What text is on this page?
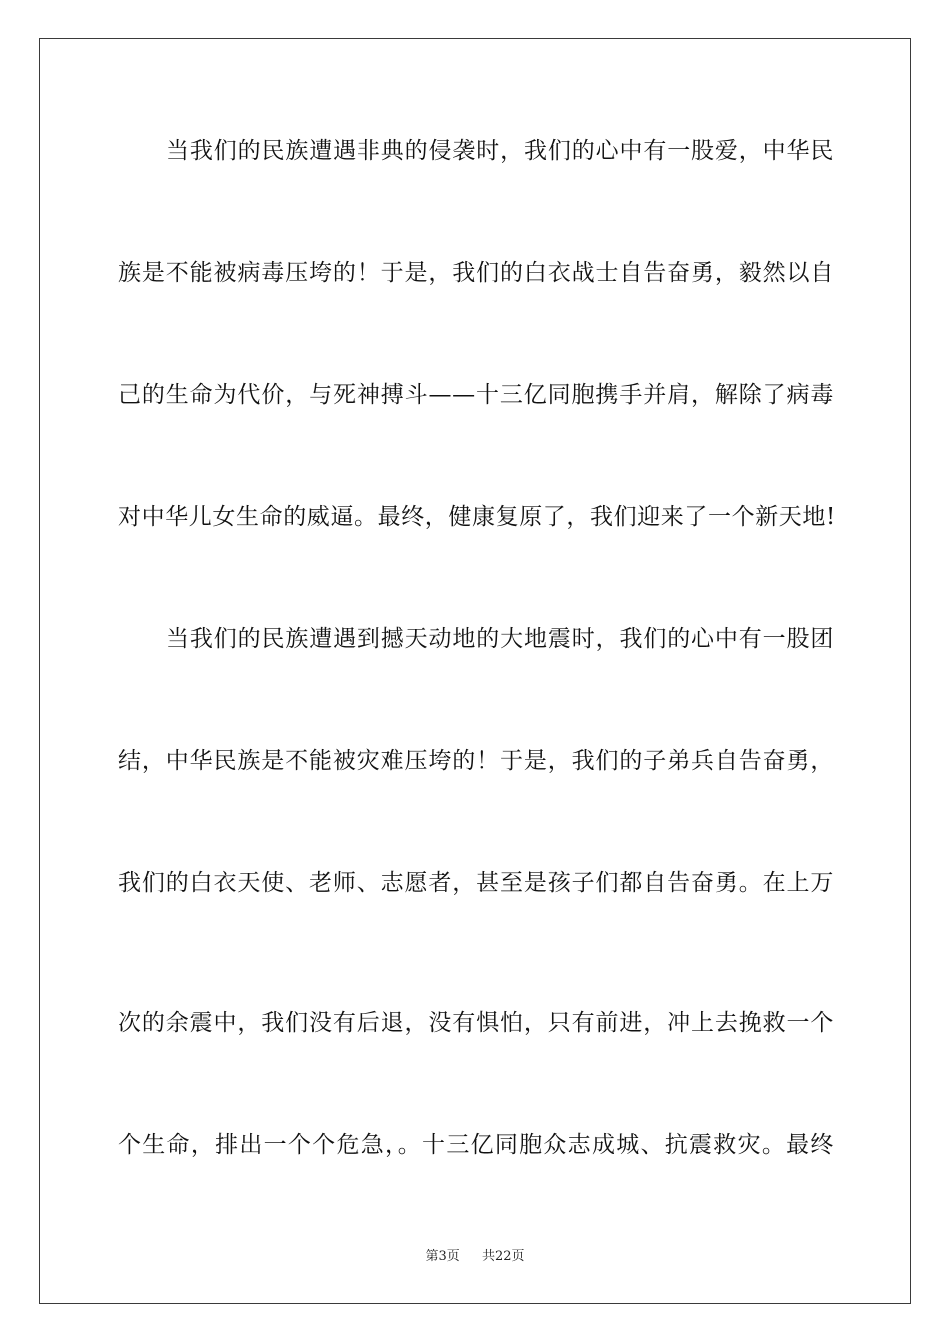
当我们的民族遭遇非典的侵袭时，我们的心中有一股爱，中华民
族是不能被病毒压垮的！于是，我们的白衣战士自告奋勇，毅然以自
己的生命为代价，与死神搏斗——十三亿同胞携手并肩，解除了病毒
对中华儿女生命的威逼。最终，健康复原了，我们迎来了一个新天地!
当我们的民族遭遇到撼天动地的大地震时，我们的心中有一股团
结，中华民族是不能被灾难压垮的！于是，我们的子弟兵自告奋勇，
我们的白衣天使、老师、志愿者，甚至是孩子们都自告奋勇。在上万
次的余震中，我们没有后退，没有惧怕，只有前进，冲上去挽救一个
个生命，排出一个个危急，。十三亿同胞众志成城、抗震救灾。最终
第3页 共22页
